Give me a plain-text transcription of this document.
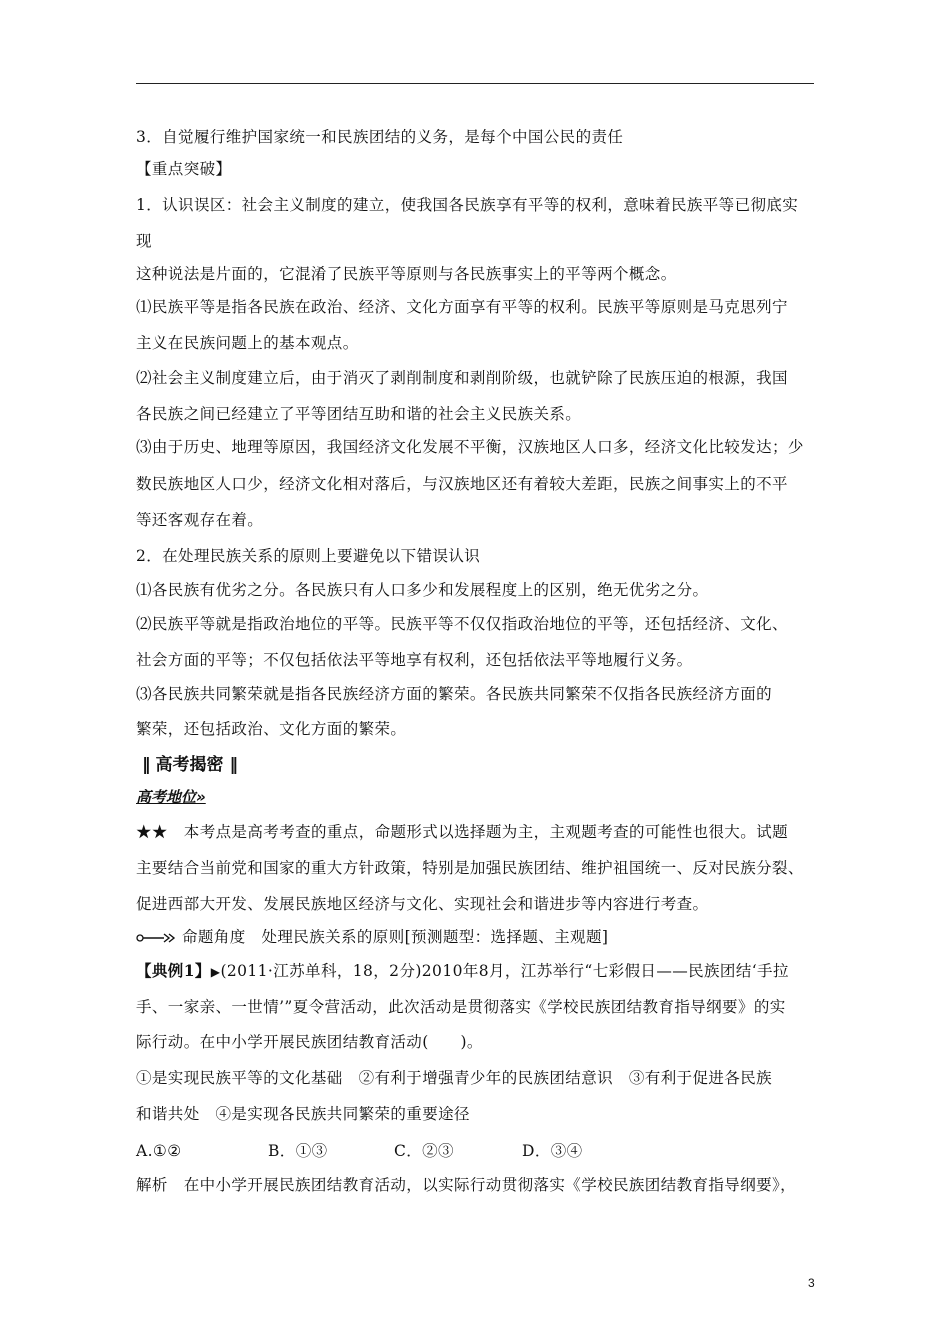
3．自觉履行维护国家统一和民族团结的义务，是每个中国公民的责任
【重点突破】
1．认识误区：社会主义制度的建立，使我国各民族享有平等的权利，意味着民族平等已彻底实
现
这种说法是片面的，它混淆了民族平等原则与各民族事实上的平等两个概念。
⑴民族平等是指各民族在政治、经济、文化方面享有平等的权利。民族平等原则是马克思列宁
主义在民族问题上的基本观点。
⑵社会主义制度建立后，由于消灭了剥削制度和剥削阶级，也就铲除了民族压迫的根源，我国
各民族之间已经建立了平等团结互助和谐的社会主义民族关系。
⑶由于历史、地理等原因，我国经济文化发展不平衡，汉族地区人口多，经济文化比较发达；少
数民族地区人口少，经济文化相对落后，与汉族地区还有着较大差距，民族之间事实上的不平
等还客观存在着。
2．在处理民族关系的原则上要避免以下错误认识
⑴各民族有优劣之分。各民族只有人口多少和发展程度上的区别，绝无优劣之分。
⑵民族平等就是指政治地位的平等。民族平等不仅仅指政治地位的平等，还包括经济、文化、
社会方面的平等；不仅包括依法平等地享有权利，还包括依法平等地履行义务。
⑶各民族共同繁荣就是指各民族经济方面的繁荣。各民族共同繁荣不仅指各民族经济方面的
繁荣，还包括政治、文化方面的繁荣。
‖ 高考揭密 ‖
高考地位»
★★ 本考点是高考考查的重点，命题形式以选择题为主，主观题考查的可能性也很大。试题
主要结合当前党和国家的重大方针政策，特别是加强民族团结、维护祖国统一、反对民族分裂、
促进西部大开发、发展民族地区经济与文化、实现社会和谐进步等内容进行考查。
命题角度　处理民族关系的原则[预测题型：选择题、主观题]
【典例1】▶(2011·江苏单科，18，2分)2010年8月，江苏举行“七彩假日——民族团结‘手拉
手、一家亲、一世情’”夏令营活动，此次活动是贯彻落实《学校民族团结教育指导纲要》的实
际行动。在中小学开展民族团结教育活动(　　)。
①是实现民族平等的文化基础　②有利于增强青少年的民族团结意识　③有利于促进各民族
和谐共处　④是实现各民族共同繁荣的重要途径
A.①②	B．①③	C．②③	D．③④
解析　在中小学开展民族团结教育活动，以实际行动贯彻落实《学校民族团结教育指导纲要》，
3
